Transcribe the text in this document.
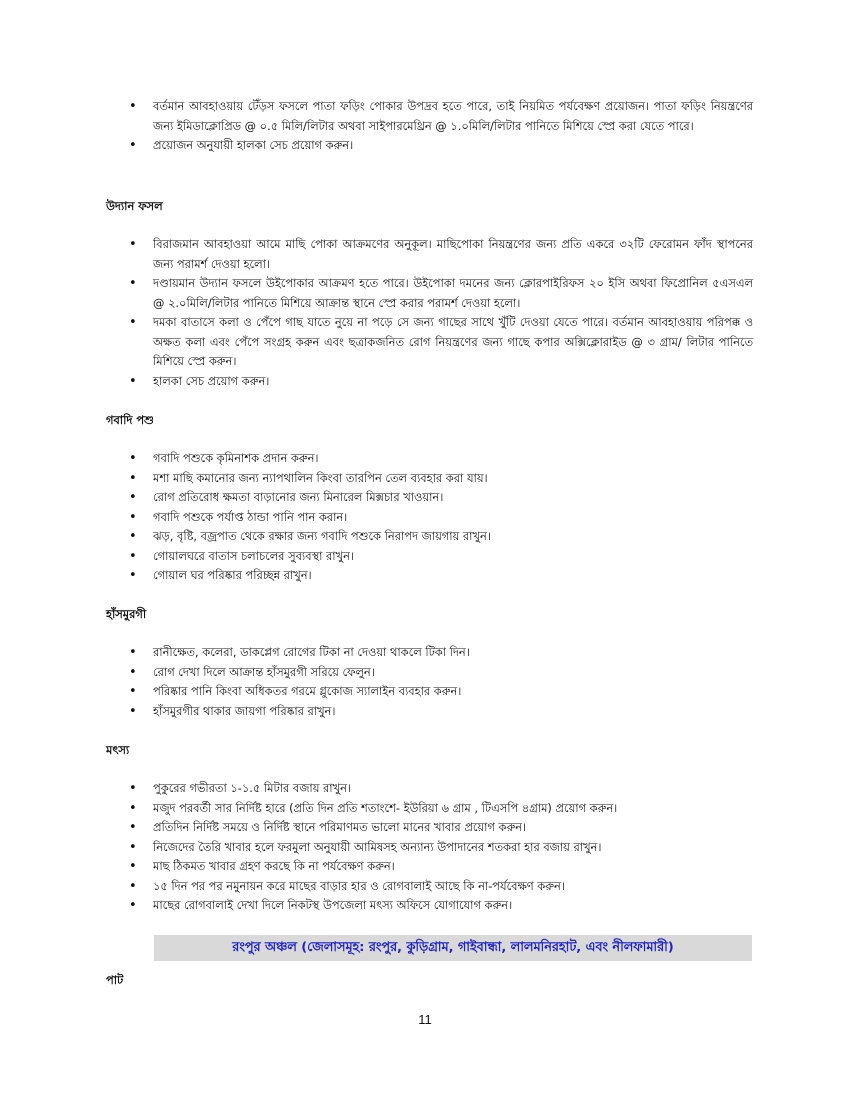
• বর্তমান আবহাওয়ায় টেঁড়স ফসলে পাতা ফড়িং পোকার উপদ্রব হতে পারে, তাই নিয়মিত পর্যবেক্ষণ প্রয়োজন। পাতা ফড়িং নিয়ন্ত্রণের জন্য ইমিডাক্লোপ্রিড @ ০.৫ মিলি/লিটার অথবা সাইপারমেথ্রিন @ ১.০মিলি/লিটার পানিতে মিশিয়ে স্প্রে করা যেতে পারে।
• প্রয়োজন অনুযায়ী হালকা সেচ প্রয়োগ করুন।
উদ্যান ফসল
• বিরাজমান আবহাওয়া আমে মাছি পোকা আক্রমণের অনুকূল। মাছিপোকা নিয়ন্ত্রণের জন্য প্রতি একরে ৩২টি ফেরোমন ফাঁদ স্থাপনের জন্য পরামর্শ দেওয়া হলো।
• দণ্ডায়মান উদ্যান ফসলে উইপোকার আক্রমণ হতে পারে। উইপোকা দমনের জন্য ক্লোরপাইরিফস ২০ ইসি অথবা ফিপ্রোনিল ৫এসএল @ ২.০মিলি/লিটার পানিতে মিশিয়ে আক্রান্ত স্থানে স্প্রে করার পরামর্শ দেওয়া হলো।
• দমকা বাতাসে কলা ও পেঁপে গাছ যাতে নুয়ে না পড়ে সে জন্য গাছের সাথে খুঁটি দেওয়া যেতে পারে। বর্তমান আবহাওয়ায় পরিপক্ক ও অক্ষত কলা এবং পেঁপে সংগ্রহ করুন এবং ছত্রাকজনিত রোগ নিয়ন্ত্রণের জন্য গাছে কপার অক্সিক্লোরাইড @ ৩ গ্রাম/ লিটার পানিতে মিশিয়ে স্প্রে করুন।
• হালকা সেচ প্রয়োগ করুন।
গবাদি পশু
• গবাদি পশুকে কৃমিনাশক প্রদান করুন।
• মশা মাছি কমানোর জন্য ন্যাপথালিন কিংবা তারপিন তেল ব্যবহার করা যায়।
• রোগ প্রতিরোধ ক্ষমতা বাড়ানোর জন্য মিনারেল মিক্সচার খাওয়ান।
• গবাদি পশুকে পর্যাপ্ত ঠান্ডা পানি পান করান।
• ঝড়, বৃষ্টি, বজ্রপাত থেকে রক্ষার জন্য গবাদি পশুকে নিরাপদ জায়গায় রাখুন।
• গোয়ালঘরে বাতাস চলাচলের সুব্যবস্থা রাখুন।
• গোয়াল ঘর পরিষ্কার পরিচ্ছন্ন রাখুন।
হাঁসমুরগী
• রানীক্ষেত, কলেরা, ডাকপ্লেগ রোগের টিকা না দেওয়া থাকলে টিকা দিন।
• রোগ দেখা দিলে আক্রান্ত হাঁসমুরগী সরিয়ে ফেলুন।
• পরিষ্কার পানি কিংবা অধিকতর গরমে গ্লুকোজ স্যালাইন ব্যবহার করুন।
• হাঁসমুরগীর থাকার জায়গা পরিষ্কার রাখুন।
মৎস্য
• পুকুরের গভীরতা ১-১.৫ মিটার বজায় রাখুন।
• মজুদ পরবর্তী সার নির্দিষ্ট হারে (প্রতি দিন প্রতি শতাংশে- ইউরিয়া ৬ গ্রাম , টিএসপি ৪গ্রাম) প্রয়োগ করুন।
• প্রতিদিন নির্দিষ্ট সময়ে ও নির্দিষ্ট স্থানে পরিমাণমত ভালো মানের খাবার প্রয়োগ করুন।
• নিজেদের তৈরি খাবার হলে ফরমুলা অনুযায়ী আমিষসহ অন্যান্য উপাদানের শতকরা হার বজায় রাখুন।
• মাছ ঠিকমত খাবার গ্রহণ করছে কি না পর্যবেক্ষণ করুন।
• ১৫ দিন পর পর নমুনায়ন করে মাছের বাড়ার হার ও রোগবালাই আছে কি না-পর্যবেক্ষণ করুন।
• মাছের রোগবালাই দেখা দিলে নিকটস্থ উপজেলা মৎস্য অফিসে যোগাযোগ করুন।
রংপুর অঞ্চল (জেলাসমূহ: রংপুর, কুড়িগ্রাম, গাইবান্ধা, লালমনিরহাট, এবং নীলফামারী)
পাট
11
